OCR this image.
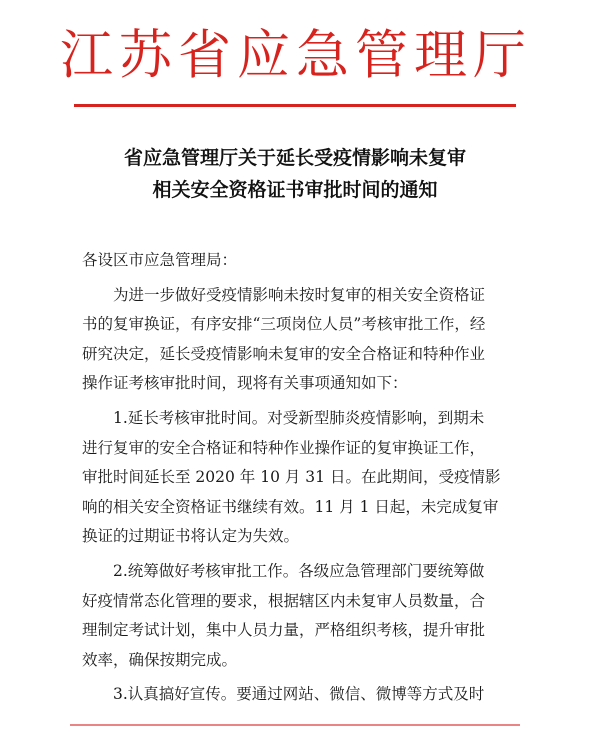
江苏省应急管理厅
省应急管理厅关于延长受疫情影响未复审
相关安全资格证书审批时间的通知
各设区市应急管理局：
为进一步做好受疫情影响未按时复审的相关安全资格证
书的复审换证，有序安排“三项岗位人员”考核审批工作，经
研究决定，延长受疫情影响未复审的安全合格证和特种作业
操作证考核审批时间，现将有关事项通知如下：
1.延长考核审批时间。对受新型肺炎疫情影响，到期未
进行复审的安全合格证和特种作业操作证的复审换证工作，
审批时间延长至 2020 年 10 月 31 日。在此期间，受疫情影
响的相关安全资格证书继续有效。11 月 1 日起，未完成复审
换证的过期证书将认定为失效。
2.统筹做好考核审批工作。各级应急管理部门要统筹做
好疫情常态化管理的要求，根据辖区内未复审人员数量，合
理制定考试计划，集中人员力量，严格组织考核，提升审批
效率，确保按期完成。
3.认真搞好宣传。要通过网站、微信、微博等方式及时
